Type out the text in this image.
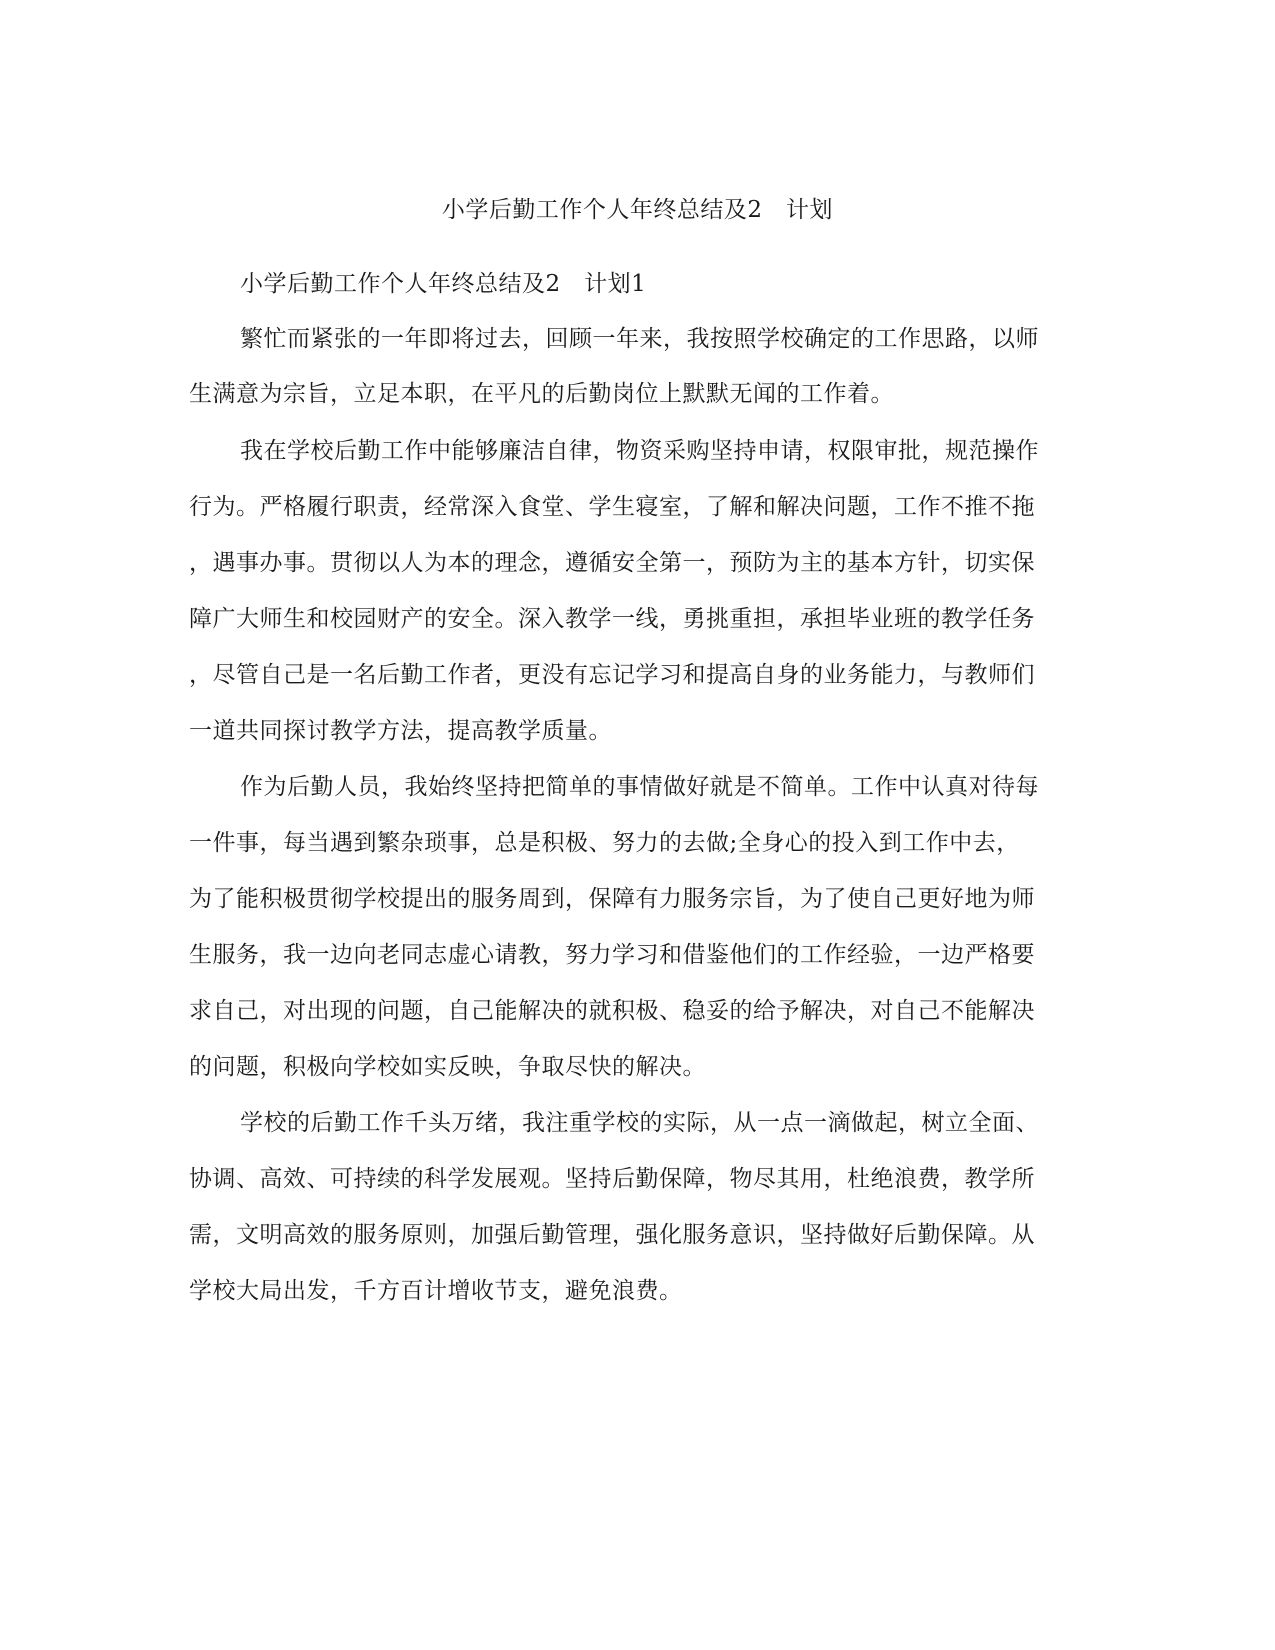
小学后勤工作个人年终总结及2　计划
小学后勤工作个人年终总结及2　计划1
繁忙而紧张的一年即将过去，回顾一年来，我按照学校确定的工作思路，以师
生满意为宗旨，立足本职，在平凡的后勤岗位上默默无闻的工作着。
我在学校后勤工作中能够廉洁自律，物资采购坚持申请，权限审批，规范操作
行为。严格履行职责，经常深入食堂、学生寝室，了解和解决问题，工作不推不拖
，遇事办事。贯彻以人为本的理念，遵循安全第一，预防为主的基本方针，切实保
障广大师生和校园财产的安全。深入教学一线，勇挑重担，承担毕业班的教学任务
，尽管自己是一名后勤工作者，更没有忘记学习和提高自身的业务能力，与教师们
一道共同探讨教学方法，提高教学质量。
作为后勤人员，我始终坚持把简单的事情做好就是不简单。工作中认真对待每
一件事，每当遇到繁杂琐事，总是积极、努力的去做;全身心的投入到工作中去，
为了能积极贯彻学校提出的服务周到，保障有力服务宗旨，为了使自己更好地为师
生服务，我一边向老同志虚心请教，努力学习和借鉴他们的工作经验，一边严格要
求自己，对出现的问题，自己能解决的就积极、稳妥的给予解决，对自己不能解决
的问题，积极向学校如实反映，争取尽快的解决。
学校的后勤工作千头万绪，我注重学校的实际，从一点一滴做起，树立全面、
协调、高效、可持续的科学发展观。坚持后勤保障，物尽其用，杜绝浪费，教学所
需，文明高效的服务原则，加强后勤管理，强化服务意识，坚持做好后勤保障。从
学校大局出发，千方百计增收节支，避免浪费。
